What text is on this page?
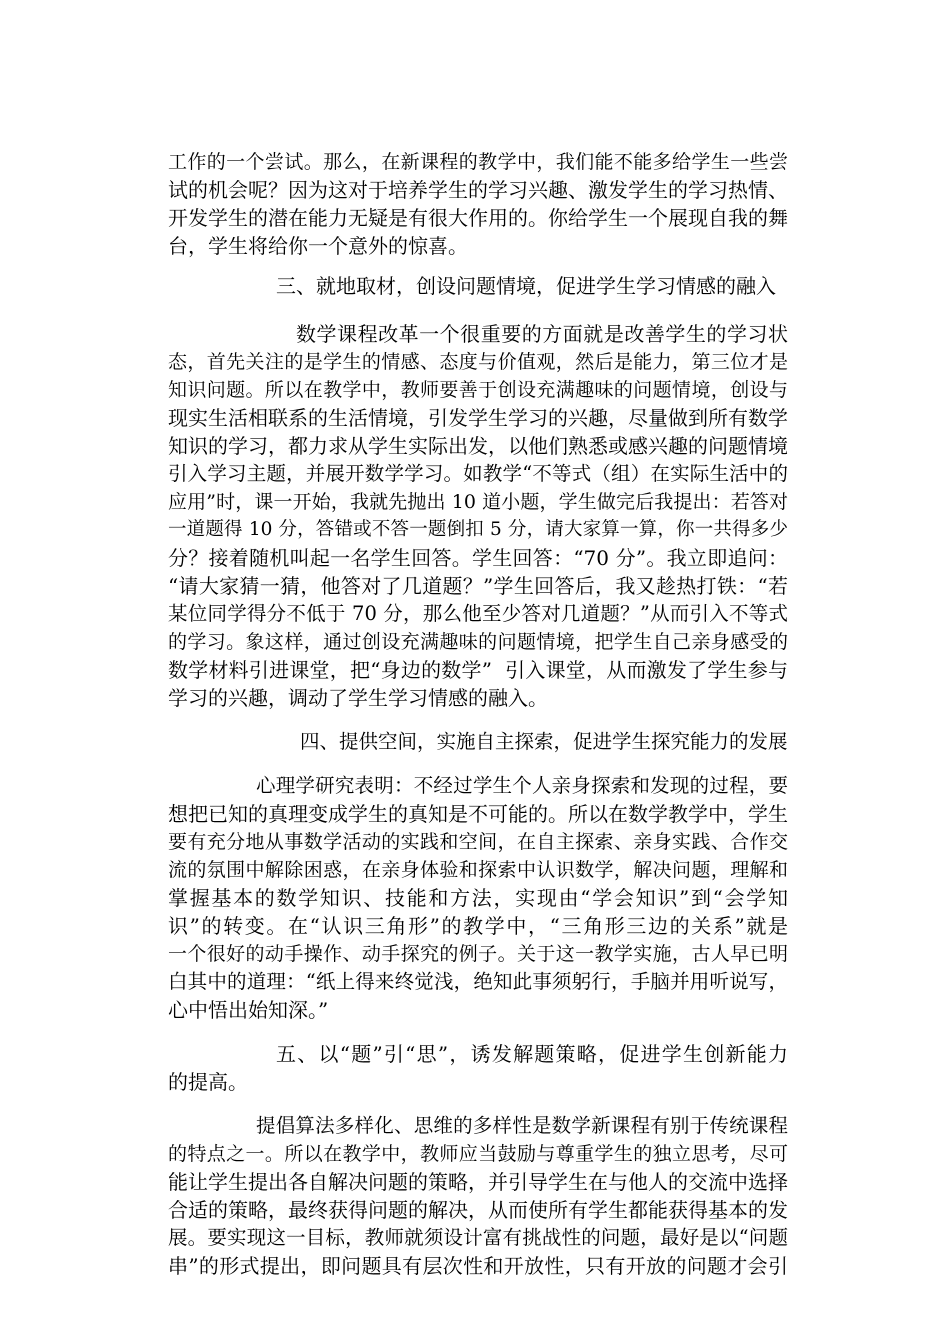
工作的一个尝试。那么，在新课程的教学中，我们能不能多给学生一些尝
试的机会呢？因为这对于培养学生的学习兴趣、激发学生的学习热情、
开发学生的潜在能力无疑是有很大作用的。你给学生一个展现自我的舞
台，学生将给你一个意外的惊喜。
三、就地取材，创设问题情境，促进学生学习情感的融入
数学课程改革一个很重要的方面就是改善学生的学习状
态，首先关注的是学生的情感、态度与价值观，然后是能力，第三位才是
知识问题。所以在教学中，教师要善于创设充满趣味的问题情境，创设与
现实生活相联系的生活情境，引发学生学习的兴趣，尽量做到所有数学
知识的学习，都力求从学生实际出发，以他们熟悉或感兴趣的问题情境
引入学习主题，并展开数学学习。如教学“不等式（组）在实际生活中的
应用”时，课一开始，我就先抛出 10 道小题，学生做完后我提出：若答对
一道题得 10 分，答错或不答一题倒扣 5 分，请大家算一算，你一共得多少
分？接着随机叫起一名学生回答。学生回答：“70 分”。我立即追问：
“请大家猜一猜，他答对了几道题？”学生回答后，我又趁热打铁：“若
某位同学得分不低于 70 分，那么他至少答对几道题？”从而引入不等式
的学习。象这样，通过创设充满趣味的问题情境，把学生自己亲身感受的
数学材料引进课堂，把“身边的数学”  引入课堂，从而激发了学生参与
学习的兴趣，调动了学生学习情感的融入。
四、提供空间，实施自主探索，促进学生探究能力的发展
心理学研究表明：不经过学生个人亲身探索和发现的过程，要
想把已知的真理变成学生的真知是不可能的。所以在数学教学中，学生
要有充分地从事数学活动的实践和空间，在自主探索、亲身实践、合作交
流的氛围中解除困惑，在亲身体验和探索中认识数学，解决问题，理解和
掌握基本的数学知识、技能和方法，实现由“学会知识”到“会学知
识”的转变。在“认识三角形”的教学中，“三角形三边的关系”就是
一个很好的动手操作、动手探究的例子。关于这一教学实施，古人早已明
白其中的道理：“纸上得来终觉浅，绝知此事须躬行，手脑并用听说写，
心中悟出始知深。”
五、以“题”引“思”，诱发解题策略，促进学生创新能力
的提高。
提倡算法多样化、思维的多样性是数学新课程有别于传统课程
的特点之一。所以在教学中，教师应当鼓励与尊重学生的独立思考，尽可
能让学生提出各自解决问题的策略，并引导学生在与他人的交流中选择
合适的策略，最终获得问题的解决，从而使所有学生都能获得基本的发
展。要实现这一目标，教师就须设计富有挑战性的问题，最好是以“问题
串”的形式提出，即问题具有层次性和开放性，只有开放的问题才会引
